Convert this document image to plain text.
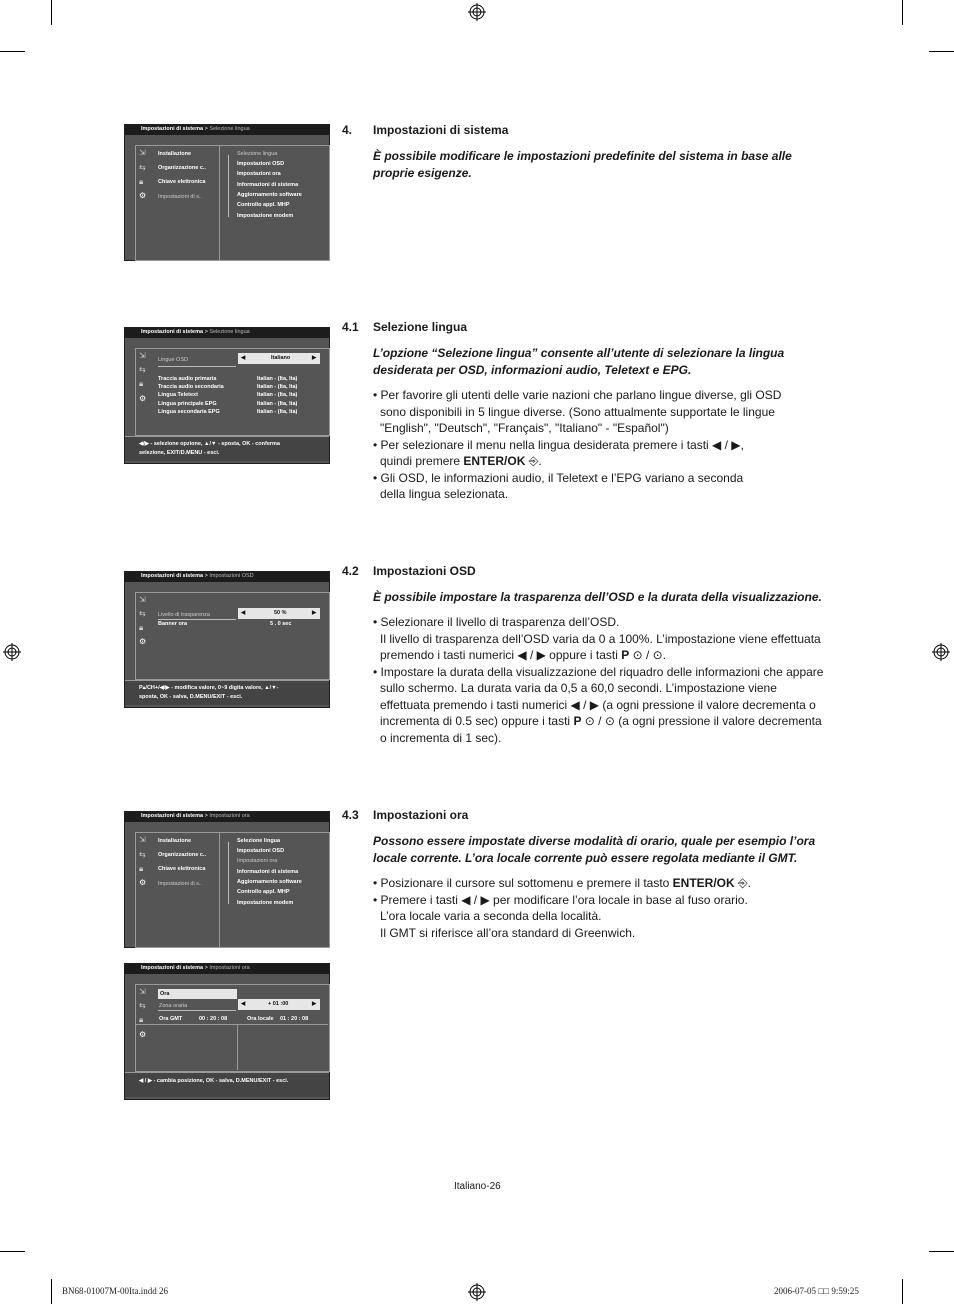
4. Impostazioni di sistema
È possibile modificare le impostazioni predefinite del sistema in base alle proprie esigenze.
Impostazioni di sistema > Selezione lingua
⇲
⇆
🔒︎
⚙
Installazione
Organizzazione c..
Chiave elettronica
Impostazioni di s..
Selezione lingua
Impostazioni OSD
Impostazioni ora
Informazioni di sistema
Aggiornamento software
Controllo appl. MHP
Impostazione modem
4.1 Selezione lingua
L’opzione “Selezione lingua” consente all’utente di selezionare la lingua desiderata per OSD, informazioni audio, Teletext e EPG.
• Per favorire gli utenti delle varie nazioni che parlano lingue diverse, gli OSD
sono disponibili in 5 lingue diverse. (Sono attualmente supportate le lingue
"English", "Deutsch", "Français", "Italiano" - "Español")
• Per selezionare il menu nella lingua desiderata premere i tasti ◀ / ▶,
quindi premere ENTER/OK ⎆.
• Gli OSD, le informazioni audio, il Teletext e l’EPG variano a seconda
della lingua selezionata.
Impostazioni di sistema > Selezione lingua
⇲
⇆
🔒︎
⚙
Lingue OSD	◀	Italiano	▶
Traccia audio primaria	Italian - (Ita, Ita)
Traccia audio secondaria	Italian - (Ita, Ita)
Lingua Teletext	Italian - (Ita, Ita)
Lingua principale EPG	Italian - (Ita, Ita)
Lingua secondaria EPG	Italian - (Ita, Ita)
◀/▶ - selezione opzione, ▲/▼ - sposta, OK - conferma
selezione, EXIT/D.MENU - esci.
4.2 Impostazioni OSD
È possibile impostare la trasparenza dell’OSD e la durata della visualizzazione.
• Selezionare il livello di trasparenza dell’OSD.
Il livello di trasparenza dell’OSD varia da 0 a 100%. L’impostazione viene effettuata
premendo i tasti numerici ◀ / ▶ oppure i tasti P ⊙ / ⊙.
• Impostare la durata della visualizzazione del riquadro delle informazioni che appare
sullo schermo. La durata varia da 0,5 a 60,0 secondi. L’impostazione viene
effettuata premendo i tasti numerici ◀ / ▶ (a ogni pressione il valore decrementa o
incrementa di 0.5 sec) oppure i tasti P ⊙ / ⊙ (a ogni pressione il valore decrementa
o incrementa di 1 sec).
Impostazioni di sistema > Impostazioni OSD
⇲
⇆
🔒︎
⚙
Livello di trasparenza	◀	50 %	▶
Banner ora	5 . 0 sec
P▴/CH+/◀/▶ - modifica valore, 0~9 digita valore, ▲/▼-
sposta, OK - salva, D.MENU/EXIT - esci.
4.3 Impostazioni ora
Possono essere impostate diverse modalità di orario, quale per esempio l’ora locale corrente. L’ora locale corrente può essere regolata mediante il GMT.
• Posizionare il cursore sul sottomenu e premere il tasto ENTER/OK ⎆.
• Premere i tasti ◀ / ▶ per modificare l’ora locale in base al fuso orario.
L’ora locale varia a seconda della località.
Il GMT si riferisce all’ora standard di Greenwich.
Impostazioni di sistema > Impostazioni ora
⇲
⇆
🔒︎
⚙
Installazione
Organizzazione c..
Chiave elettronica
Impostazioni di s..
Selezione lingua
Impostazioni OSD
Impostazioni ora
Informazioni di sistema
Aggiornamento software
Controllo appl. MHP
Impostazione modem
Impostazioni di sistema > Impostazioni ora
⇲
⇆
🔒︎
⚙
Ora
Zona oraria	◀	+ 01 :00	▶
Ora GMT	00 : 20 : 08	Ora locale 01 : 20 : 08
◀ / ▶ - cambia posizione, OK - salva, D.MENU/EXIT - esci.
Italiano-26
BN68-01007M-00Ita.indd 26	2006-07-05 □□ 9:59:25
